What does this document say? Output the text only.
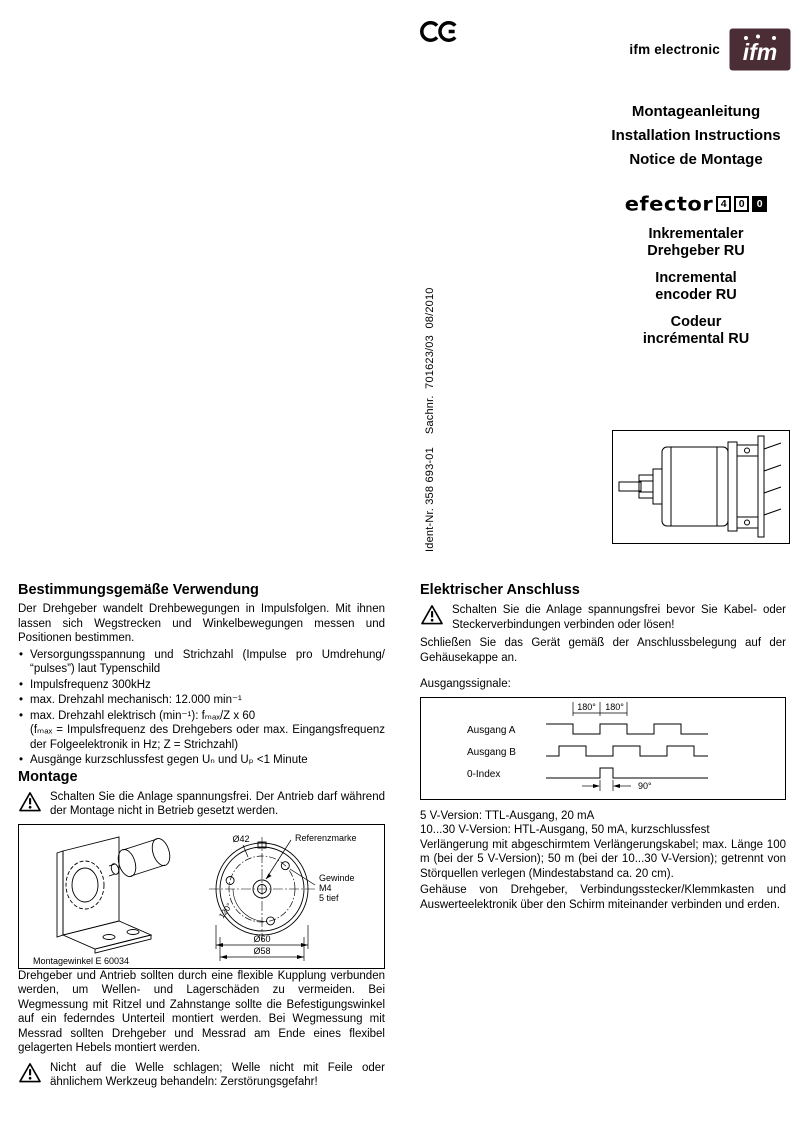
ifm electronic ifm
Montageanleitung
Installation Instructions
Notice de Montage
efector 4	0	0
Inkrementaler
Drehgeber RU
Incremental
encoder RU
Codeur
incrémental RU
Ident-Nr. 358 693-01    Sachnr.  701623/03  08/2010
Bestimmungsgemäße Verwendung

Der Drehgeber wandelt Drehbewegungen in Impulsfolgen. Mit ihnen lassen sich Wegstrecken und Winkelbewegungen messen und Positionen bestimmen.

• Versorgungsspannung und Strichzahl (Impulse pro Umdrehung/ “pulses”) laut Typenschild
• Impulsfrequenz 300kHz
• max. Drehzahl mechanisch: 12.000 min⁻¹
• max. Drehzahl elektrisch (min⁻¹): fₘₐₓ/Z x 60
(fₘₐₓ = Impulsfrequenz des Drehgebers oder max. Eingangsfrequenz der Folgeelektronik in Hz; Z = Strichzahl)
• Ausgänge kurzschlussfest gegen Uₙ und Uₚ <1 Minute
Montage
Schalten Sie die Anlage spannungsfrei. Der Antrieb darf während der Montage nicht in Betrieb gesetzt werden.
Referenzmarke
Ø42
Gewinde
M4
5 tief
120°
Ø60
Ø58
Montagewinkel E 60034

Drehgeber und Antrieb sollten durch eine flexible Kupplung verbunden werden, um Wellen- und Lagerschäden zu vermeiden. Bei Wegmessung mit Ritzel und Zahnstange sollte die Befestigungswinkel auf ein federndes Unterteil montiert werden. Bei Wegmessung mit Messrad sollten Drehgeber und Messrad am Ende eines flexibel gelagerten Hebels montiert werden.

Nicht auf die Welle schlagen; Welle nicht mit Feile oder ähnlichem Werkzeug behandeln: Zerstörungsgefahr!
Elektrischer Anschluss
Schalten Sie die Anlage spannungsfrei bevor Sie Kabel- oder Steckerverbindungen verbinden oder lösen!

Schließen Sie das Gerät gemäß der Anschlussbelegung auf der Gehäusekappe an.

Ausgangssignale:
Ausgang A
Ausgang B
0-Index
180° 180°
90°
5 V-Version: TTL-Ausgang, 20 mA
10...30 V-Version: HTL-Ausgang, 50 mA, kurzschlussfest

Verlängerung mit abgeschirmtem Verlängerungskabel; max. Länge 100 m (bei der 5 V-Version); 50 m (bei der 10...30 V-Version); getrennt von Störquellen verlegen (Mindestabstand ca. 20 cm).

Gehäuse von Drehgeber, Verbindungsstecker/Klemmkasten und Auswerteelektronik über den Schirm miteinander verbinden und erden.
